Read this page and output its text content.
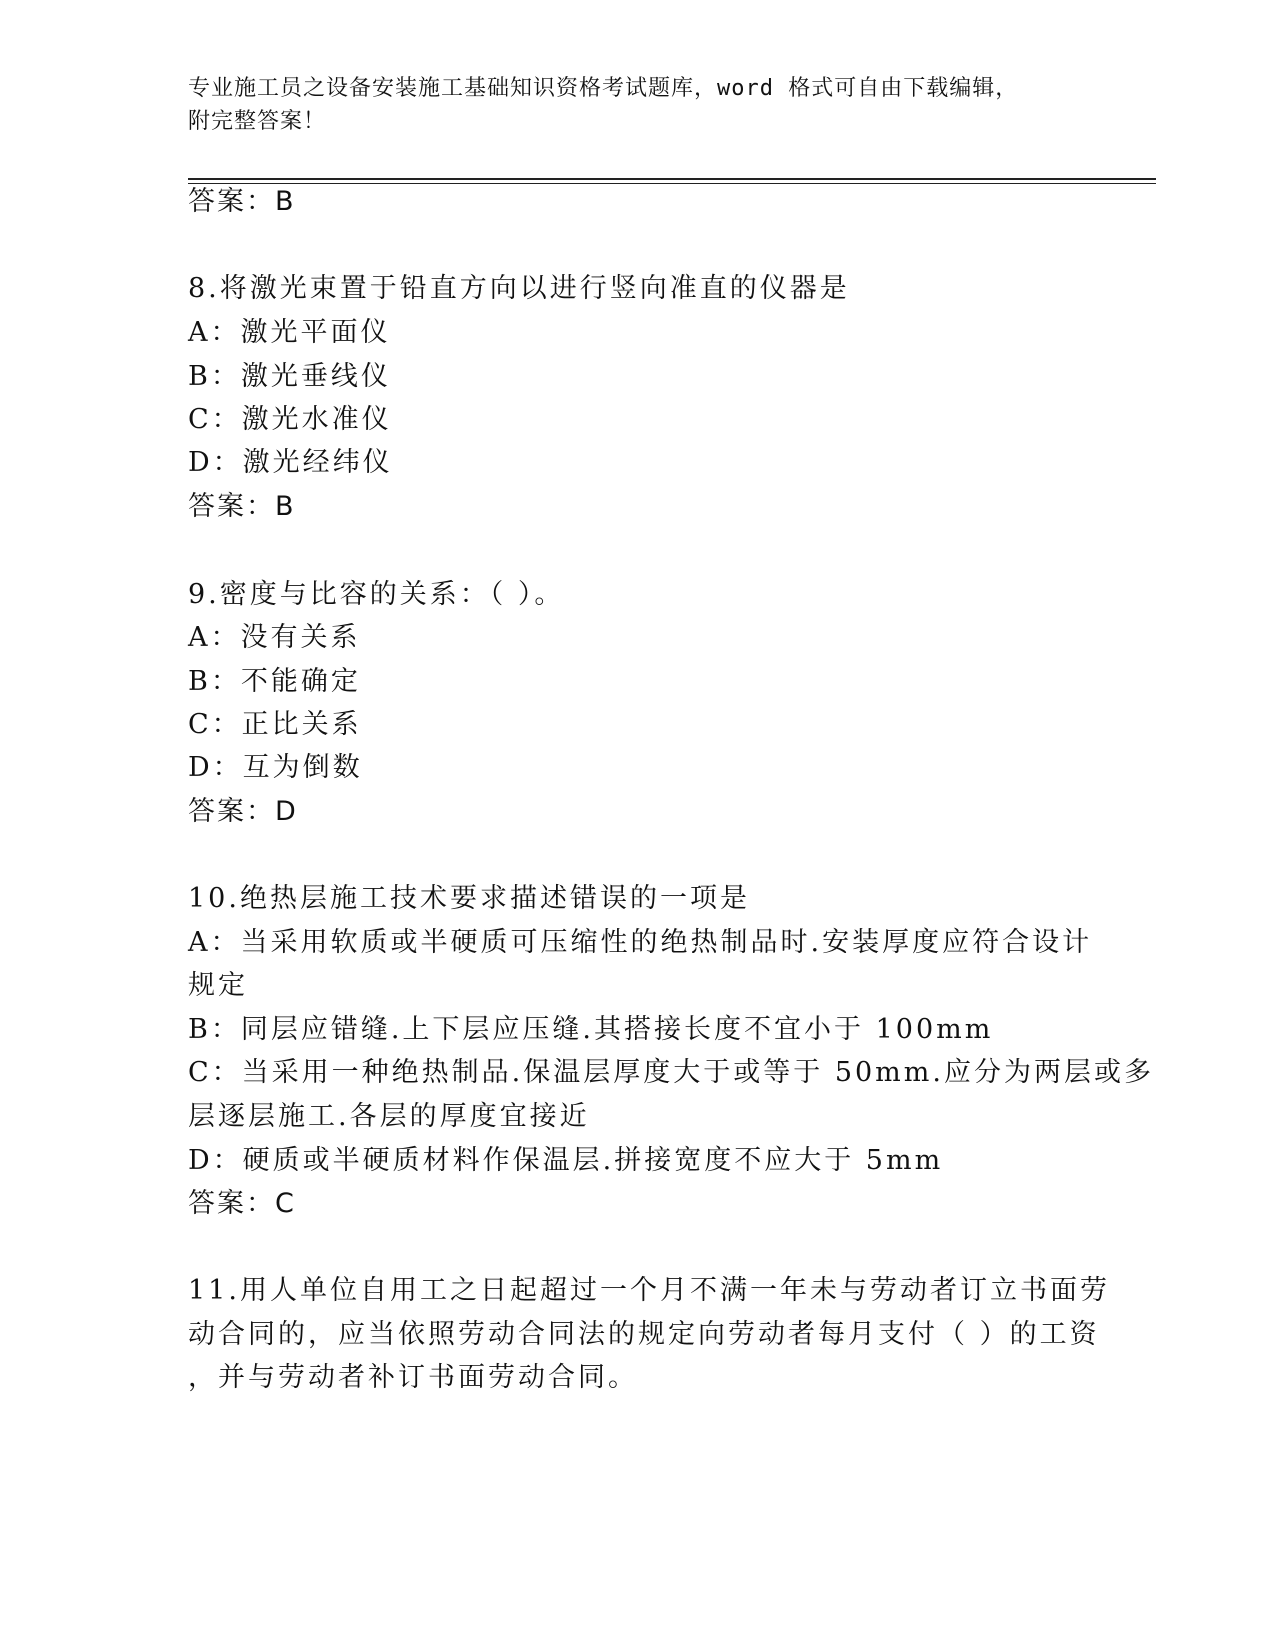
专业施工员之设备安装施工基础知识资格考试题库，word 格式可自由下载编辑，
附完整答案！
答案：B
8.将激光束置于铅直方向以进行竖向准直的仪器是
A：激光平面仪
B：激光垂线仪
C：激光水准仪
D：激光经纬仪
答案：B
9.密度与比容的关系：（ ）。
A：没有关系
B：不能确定
C：正比关系
D：互为倒数
答案：D
10.绝热层施工技术要求描述错误的一项是
A：当采用软质或半硬质可压缩性的绝热制品时.安装厚度应符合设计
规定
B：同层应错缝.上下层应压缝.其搭接长度不宜小于 100mm
C：当采用一种绝热制品.保温层厚度大于或等于 50mm.应分为两层或多
层逐层施工.各层的厚度宜接近
D：硬质或半硬质材料作保温层.拼接宽度不应大于 5mm
答案：C
11.用人单位自用工之日起超过一个月不满一年未与劳动者订立书面劳
动合同的，应当依照劳动合同法的规定向劳动者每月支付（ ）的工资
，并与劳动者补订书面劳动合同。
